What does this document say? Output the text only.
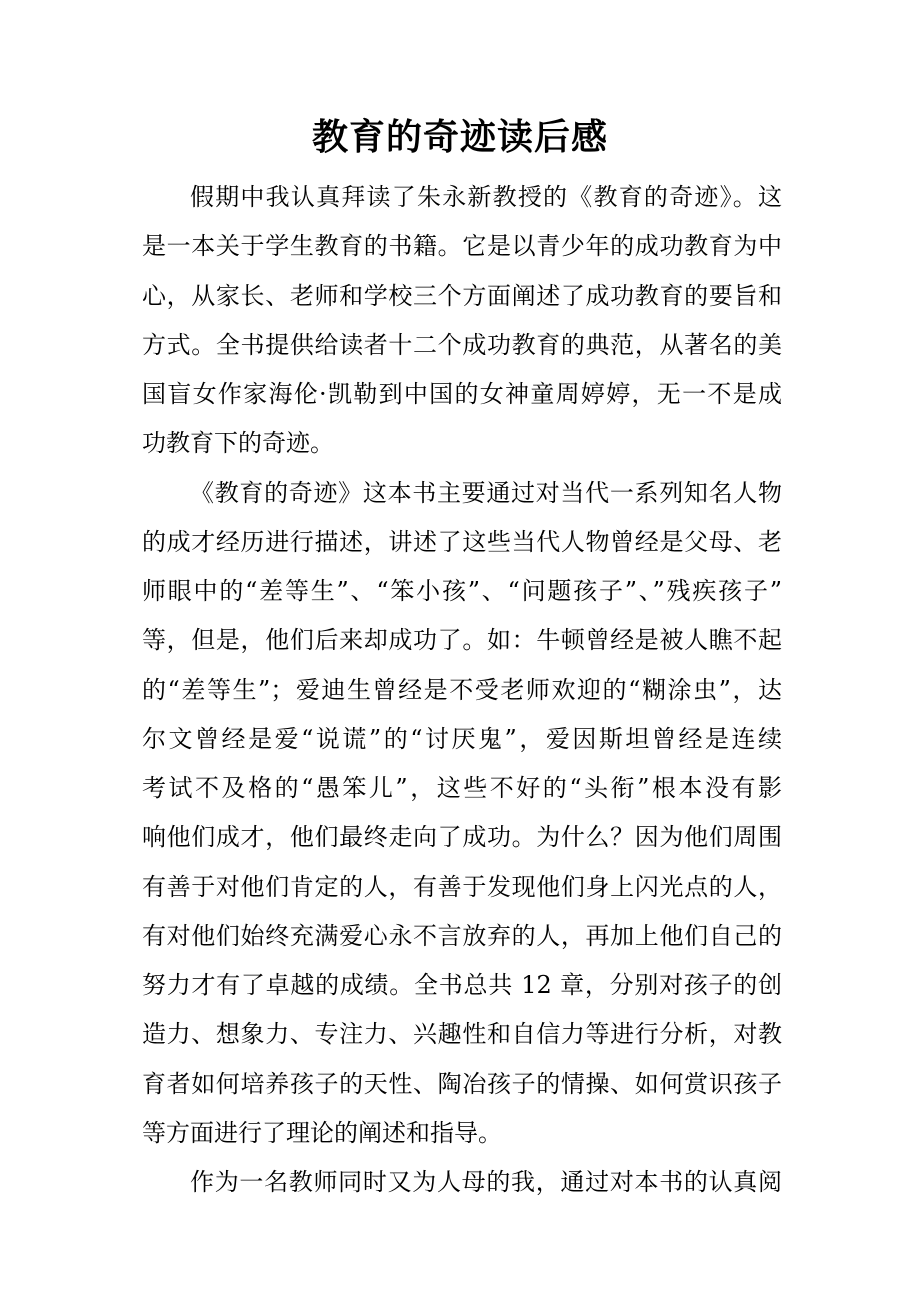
教育的奇迹读后感
假期中我认真拜读了朱永新教授的《教育的奇迹》。这
是一本关于学生教育的书籍。它是以青少年的成功教育为中
心，从家长、老师和学校三个方面阐述了成功教育的要旨和
方式。全书提供给读者十二个成功教育的典范，从著名的美
国盲女作家海伦·凯勒到中国的女神童周婷婷，无一不是成
功教育下的奇迹。
《教育的奇迹》这本书主要通过对当代一系列知名人物
的成才经历进行描述，讲述了这些当代人物曾经是父母、老
师眼中的“差等生”、“笨小孩”、“问题孩子”、”残疾孩子”
等，但是，他们后来却成功了。如：牛顿曾经是被人瞧不起
的“差等生”；爱迪生曾经是不受老师欢迎的“糊涂虫”，达
尔文曾经是爱“说谎”的“讨厌鬼”，爱因斯坦曾经是连续
考试不及格的“愚笨儿”，这些不好的“头衔”根本没有影
响他们成才，他们最终走向了成功。为什么？因为他们周围
有善于对他们肯定的人，有善于发现他们身上闪光点的人，
有对他们始终充满爱心永不言放弃的人，再加上他们自己的
努力才有了卓越的成绩。全书总共 12 章，分别对孩子的创
造力、想象力、专注力、兴趣性和自信力等进行分析，对教
育者如何培养孩子的天性、陶冶孩子的情操、如何赏识孩子
等方面进行了理论的阐述和指导。
作为一名教师同时又为人母的我，通过对本书的认真阅
